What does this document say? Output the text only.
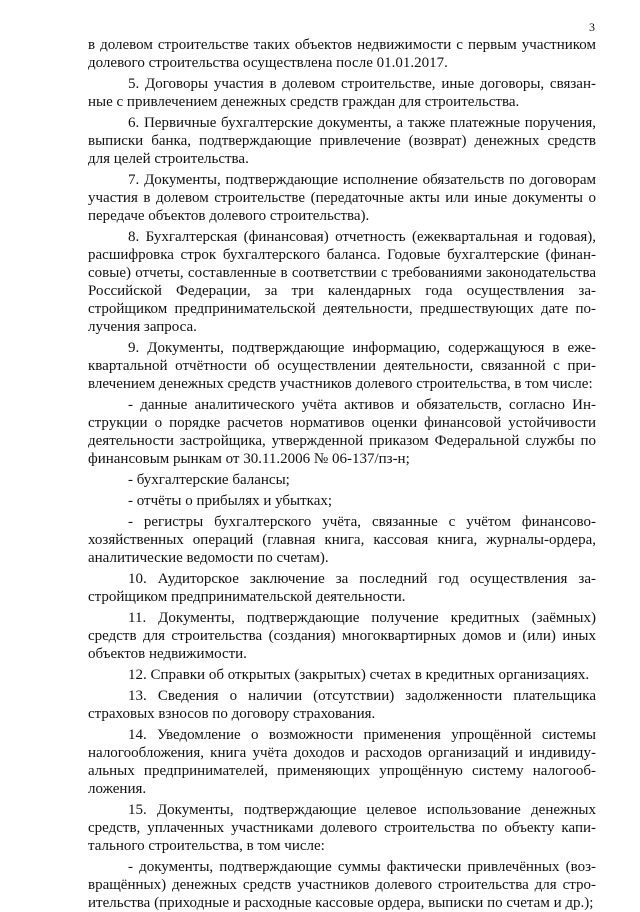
3

в долевом строительстве таких объектов недвижимости с первым участником долевого строительства осуществлена после 01.01.2017.

5. Договоры участия в долевом строительстве, иные договоры, связанные с привлечением денежных средств граждан для строительства.

6. Первичные бухгалтерские документы, а также платежные поручения, выписки банка, подтверждающие привлечение (возврат) денежных средств для целей строительства.

7. Документы, подтверждающие исполнение обязательств по договорам участия в долевом строительстве (передаточные акты или иные документы о передаче объектов долевого строительства).

8. Бухгалтерская (финансовая) отчетность (ежеквартальная и годовая), расшифровка строк бухгалтерского баланса. Годовые бухгалтерские (финансовые) отчеты, составленные в соответствии с требованиями законодательства Российской Федерации, за три календарных года осуществления застройщиком предпринимательской деятельности, предшествующих дате получения запроса.

9. Документы, подтверждающие информацию, содержащуюся в ежеквартальной отчётности об осуществлении деятельности, связанной с привлечением денежных средств участников долевого строительства, в том числе:

- данные аналитического учёта активов и обязательств, согласно Инструкции о порядке расчетов нормативов оценки финансовой устойчивости деятельности застройщика, утвержденной приказом Федеральной службы по финансовым рынкам от 30.11.2006 № 06-137/пз-н;

- бухгалтерские балансы;

- отчёты о прибылях и убытках;

- регистры бухгалтерского учёта, связанные с учётом финансово-хозяйственных операций (главная книга, кассовая книга, журналы-ордера, аналитические ведомости по счетам).

10. Аудиторское заключение за последний год осуществления застройщиком предпринимательской деятельности.

11. Документы, подтверждающие получение кредитных (заёмных) средств для строительства (создания) многоквартирных домов и (или) иных объектов недвижимости.

12. Справки об открытых (закрытых) счетах в кредитных организациях.

13. Сведения о наличии (отсутствии) задолженности плательщика страховых взносов по договору страхования.

14. Уведомление о возможности применения упрощённой системы налогообложения, книга учёта доходов и расходов организаций и индивидуальных предпринимателей, применяющих упрощённую систему налогообложения.

15. Документы, подтверждающие целевое использование денежных средств, уплаченных участниками долевого строительства по объекту капитального строительства, в том числе:

- документы, подтверждающие суммы фактически привлечённых (возвращённых) денежных средств участников долевого строительства для строительства (приходные и расходные кассовые ордера, выписки по счетам и др.);
